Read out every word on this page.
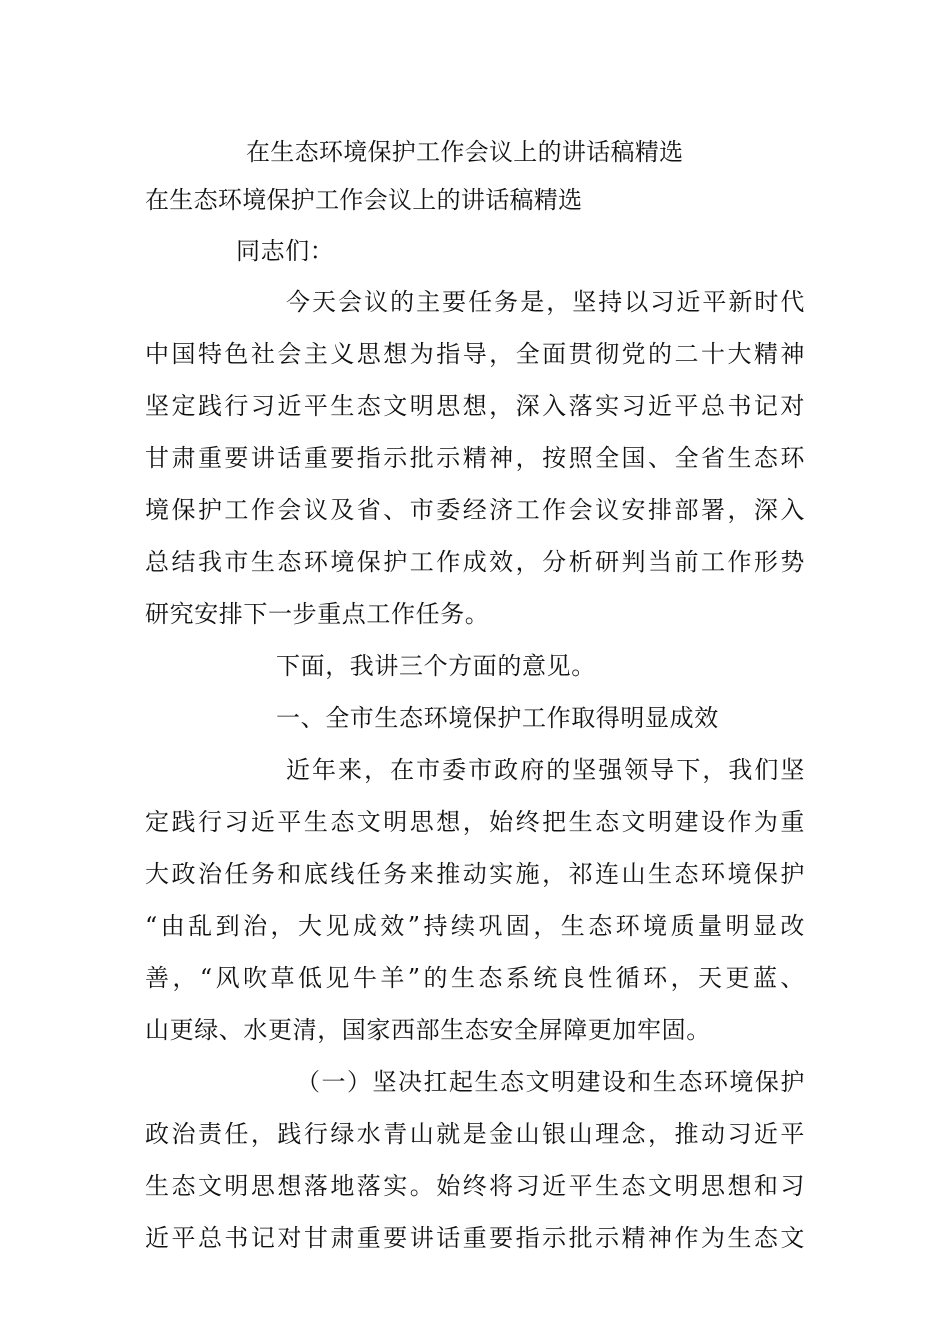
在生态环境保护工作会议上的讲话稿精选
在生态环境保护工作会议上的讲话稿精选
同志们：
今天会议的主要任务是，坚持以习近平新时代
中国特色社会主义思想为指导，全面贯彻党的二十大精神
坚定践行习近平生态文明思想，深入落实习近平总书记对
甘肃重要讲话重要指示批示精神，按照全国、全省生态环
境保护工作会议及省、市委经济工作会议安排部署，深入
总结我市生态环境保护工作成效，分析研判当前工作形势
研究安排下一步重点工作任务。
下面，我讲三个方面的意见。
一、全市生态环境保护工作取得明显成效
近年来，在市委市政府的坚强领导下，我们坚
定践行习近平生态文明思想，始终把生态文明建设作为重
大政治任务和底线任务来推动实施，祁连山生态环境保护
“由乱到治，大见成效”持续巩固，生态环境质量明显改
善，“风吹草低见牛羊”的生态系统良性循环，天更蓝、
山更绿、水更清，国家西部生态安全屏障更加牢固。
（一）坚决扛起生态文明建设和生态环境保护
政治责任，践行绿水青山就是金山银山理念，推动习近平
生态文明思想落地落实。始终将习近平生态文明思想和习
近平总书记对甘肃重要讲话重要指示批示精神作为生态文
